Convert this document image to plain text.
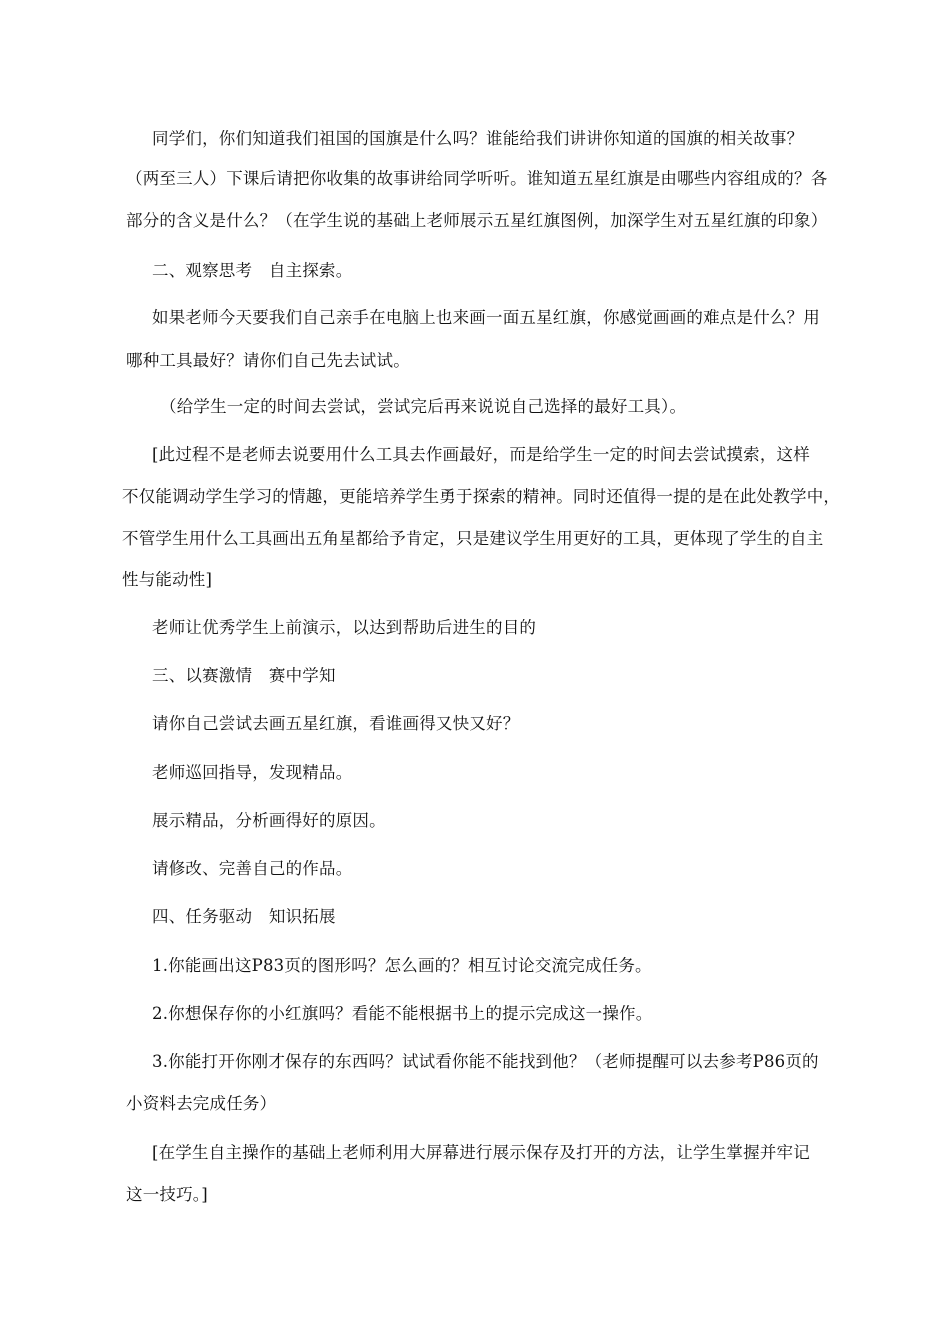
同学们，你们知道我们祖国的国旗是什么吗？谁能给我们讲讲你知道的国旗的相关故事？
（两至三人）下课后请把你收集的故事讲给同学听听。谁知道五星红旗是由哪些内容组成的？各
部分的含义是什么？（在学生说的基础上老师展示五星红旗图例，加深学生对五星红旗的印象）
二、观察思考　自主探索。
如果老师今天要我们自己亲手在电脑上也来画一面五星红旗，你感觉画画的难点是什么？用
哪种工具最好？请你们自己先去试试。
（给学生一定的时间去尝试，尝试完后再来说说自己选择的最好工具）。
[此过程不是老师去说要用什么工具去作画最好，而是给学生一定的时间去尝试摸索，这样
不仅能调动学生学习的情趣，更能培养学生勇于探索的精神。同时还值得一提的是在此处教学中，
不管学生用什么工具画出五角星都给予肯定，只是建议学生用更好的工具，更体现了学生的自主
性与能动性]
老师让优秀学生上前演示，以达到帮助后进生的目的
三、以赛激情　赛中学知
请你自己尝试去画五星红旗，看谁画得又快又好？
老师巡回指导，发现精品。
展示精品，分析画得好的原因。
请修改、完善自己的作品。
四、任务驱动　知识拓展
1.你能画出这P83页的图形吗？怎么画的？相互讨论交流完成任务。
2.你想保存你的小红旗吗？看能不能根据书上的提示完成这一操作。
3.你能打开你刚才保存的东西吗？试试看你能不能找到他？（老师提醒可以去参考P86页的
小资料去完成任务）
[在学生自主操作的基础上老师利用大屏幕进行展示保存及打开的方法，让学生掌握并牢记
这一技巧。]
